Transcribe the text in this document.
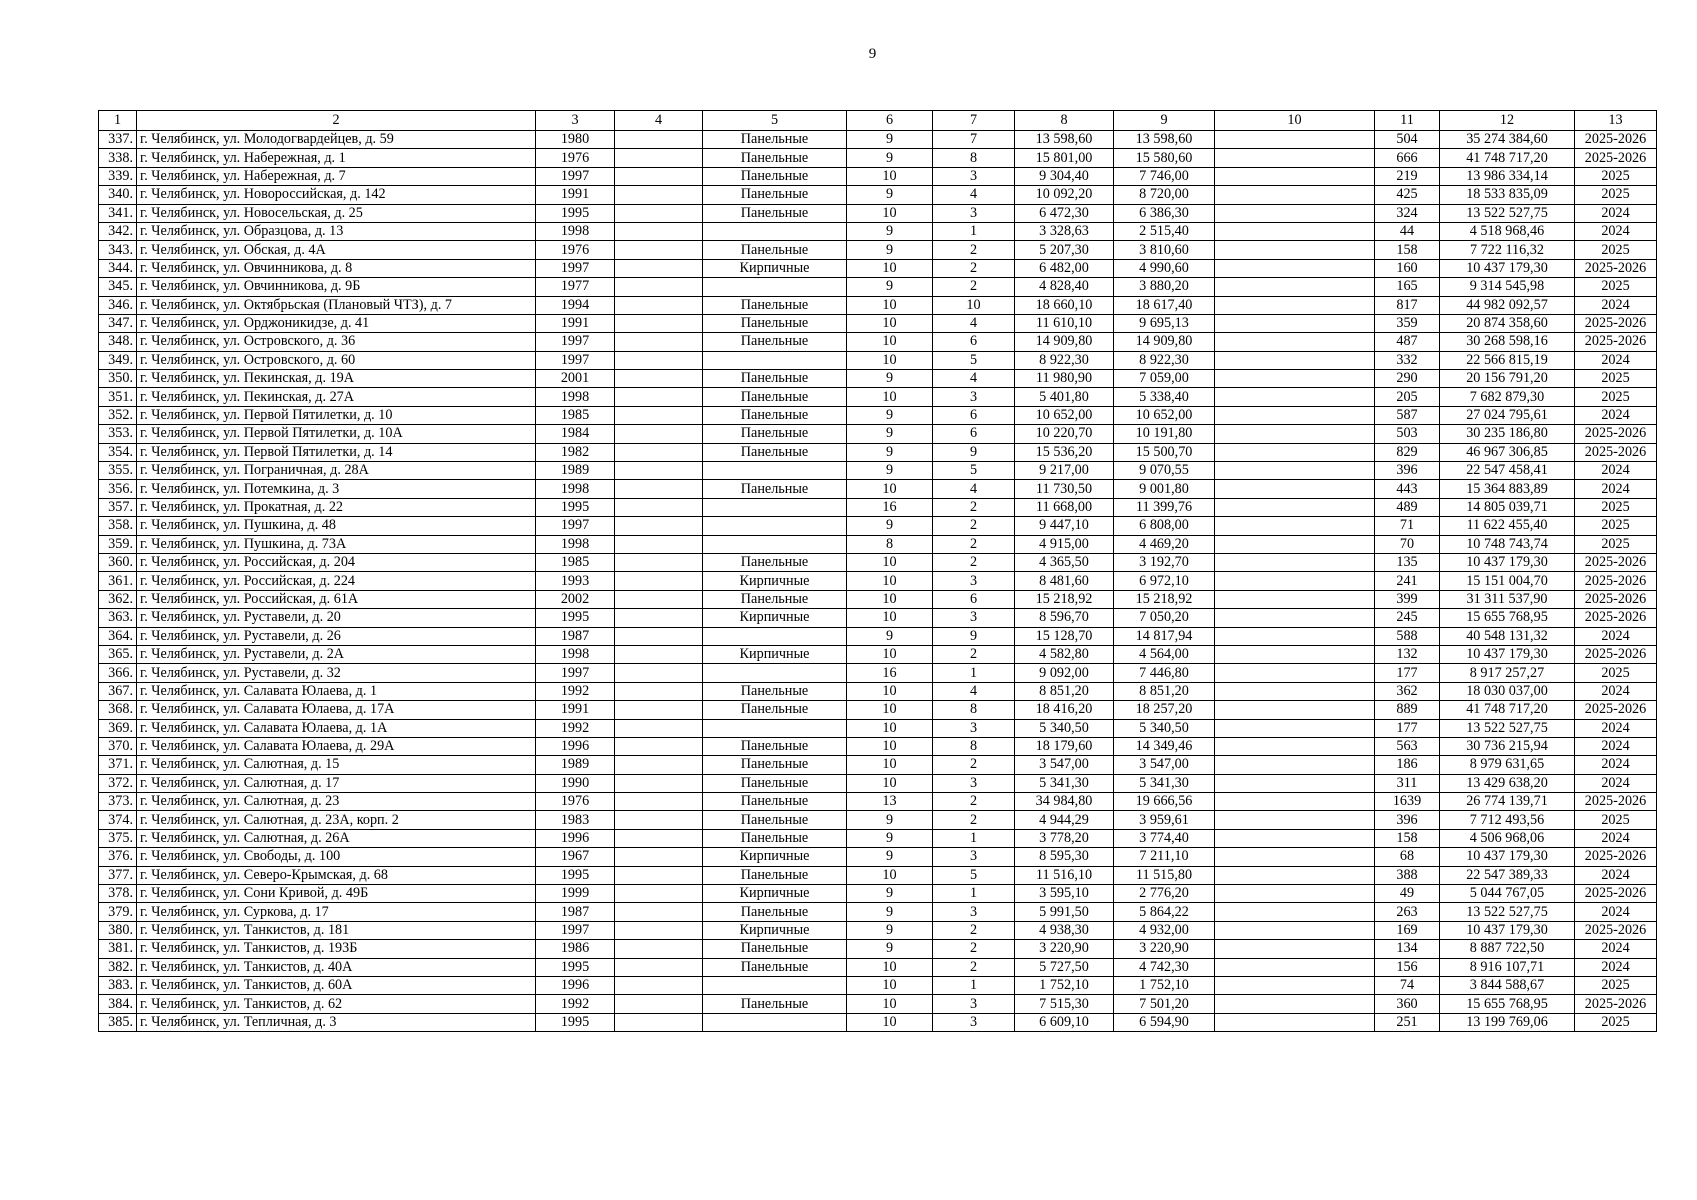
9
1	2	3	4	5	6	7	8	9	10	11	12	13
337.	г. Челябинск, ул. Молодогвардейцев, д. 59	1980		Панельные	9	7	13 598,60	13 598,60		504	35 274 384,60	2025-2026
338.	г. Челябинск, ул. Набережная, д. 1	1976		Панельные	9	8	15 801,00	15 580,60		666	41 748 717,20	2025-2026
339.	г. Челябинск, ул. Набережная, д. 7	1997		Панельные	10	3	9 304,40	7 746,00		219	13 986 334,14	2025
340.	г. Челябинск, ул. Новороссийская, д. 142	1991		Панельные	9	4	10 092,20	8 720,00		425	18 533 835,09	2025
341.	г. Челябинск, ул. Новосельская, д. 25	1995		Панельные	10	3	6 472,30	6 386,30		324	13 522 527,75	2024
342.	г. Челябинск, ул. Образцова, д. 13	1998			9	1	3 328,63	2 515,40		44	4 518 968,46	2024
343.	г. Челябинск, ул. Обская, д. 4А	1976		Панельные	9	2	5 207,30	3 810,60		158	7 722 116,32	2025
344.	г. Челябинск, ул. Овчинникова, д. 8	1997		Кирпичные	10	2	6 482,00	4 990,60		160	10 437 179,30	2025-2026
345.	г. Челябинск, ул. Овчинникова, д. 9Б	1977			9	2	4 828,40	3 880,20		165	9 314 545,98	2025
346.	г. Челябинск, ул. Октябрьская (Плановый ЧТЗ), д. 7	1994		Панельные	10	10	18 660,10	18 617,40		817	44 982 092,57	2024
347.	г. Челябинск, ул. Орджоникидзе, д. 41	1991		Панельные	10	4	11 610,10	9 695,13		359	20 874 358,60	2025-2026
348.	г. Челябинск, ул. Островского, д. 36	1997		Панельные	10	6	14 909,80	14 909,80		487	30 268 598,16	2025-2026
349.	г. Челябинск, ул. Островского, д. 60	1997			10	5	8 922,30	8 922,30		332	22 566 815,19	2024
350.	г. Челябинск, ул. Пекинская, д. 19А	2001		Панельные	9	4	11 980,90	7 059,00		290	20 156 791,20	2025
351.	г. Челябинск, ул. Пекинская, д. 27А	1998		Панельные	10	3	5 401,80	5 338,40		205	7 682 879,30	2025
352.	г. Челябинск, ул. Первой Пятилетки, д. 10	1985		Панельные	9	6	10 652,00	10 652,00		587	27 024 795,61	2024
353.	г. Челябинск, ул. Первой Пятилетки, д. 10А	1984		Панельные	9	6	10 220,70	10 191,80		503	30 235 186,80	2025-2026
354.	г. Челябинск, ул. Первой Пятилетки, д. 14	1982		Панельные	9	9	15 536,20	15 500,70		829	46 967 306,85	2025-2026
355.	г. Челябинск, ул. Пограничная, д. 28А	1989			9	5	9 217,00	9 070,55		396	22 547 458,41	2024
356.	г. Челябинск, ул. Потемкина, д. 3	1998		Панельные	10	4	11 730,50	9 001,80		443	15 364 883,89	2024
357.	г. Челябинск, ул. Прокатная, д. 22	1995			16	2	11 668,00	11 399,76		489	14 805 039,71	2025
358.	г. Челябинск, ул. Пушкина, д. 48	1997			9	2	9 447,10	6 808,00		71	11 622 455,40	2025
359.	г. Челябинск, ул. Пушкина, д. 73А	1998			8	2	4 915,00	4 469,20		70	10 748 743,74	2025
360.	г. Челябинск, ул. Российская, д. 204	1985		Панельные	10	2	4 365,50	3 192,70		135	10 437 179,30	2025-2026
361.	г. Челябинск, ул. Российская, д. 224	1993		Кирпичные	10	3	8 481,60	6 972,10		241	15 151 004,70	2025-2026
362.	г. Челябинск, ул. Российская, д. 61А	2002		Панельные	10	6	15 218,92	15 218,92		399	31 311 537,90	2025-2026
363.	г. Челябинск, ул. Руставели, д. 20	1995		Кирпичные	10	3	8 596,70	7 050,20		245	15 655 768,95	2025-2026
364.	г. Челябинск, ул. Руставели, д. 26	1987			9	9	15 128,70	14 817,94		588	40 548 131,32	2024
365.	г. Челябинск, ул. Руставели, д. 2А	1998		Кирпичные	10	2	4 582,80	4 564,00		132	10 437 179,30	2025-2026
366.	г. Челябинск, ул. Руставели, д. 32	1997			16	1	9 092,00	7 446,80		177	8 917 257,27	2025
367.	г. Челябинск, ул. Салавата Юлаева, д. 1	1992		Панельные	10	4	8 851,20	8 851,20		362	18 030 037,00	2024
368.	г. Челябинск, ул. Салавата Юлаева, д. 17А	1991		Панельные	10	8	18 416,20	18 257,20		889	41 748 717,20	2025-2026
369.	г. Челябинск, ул. Салавата Юлаева, д. 1А	1992			10	3	5 340,50	5 340,50		177	13 522 527,75	2024
370.	г. Челябинск, ул. Салавата Юлаева, д. 29А	1996		Панельные	10	8	18 179,60	14 349,46		563	30 736 215,94	2024
371.	г. Челябинск, ул. Салютная, д. 15	1989		Панельные	10	2	3 547,00	3 547,00		186	8 979 631,65	2024
372.	г. Челябинск, ул. Салютная, д. 17	1990		Панельные	10	3	5 341,30	5 341,30		311	13 429 638,20	2024
373.	г. Челябинск, ул. Салютная, д. 23	1976		Панельные	13	2	34 984,80	19 666,56		1639	26 774 139,71	2025-2026
374.	г. Челябинск, ул. Салютная, д. 23А, корп. 2	1983		Панельные	9	2	4 944,29	3 959,61		396	7 712 493,56	2025
375.	г. Челябинск, ул. Салютная, д. 26А	1996		Панельные	9	1	3 778,20	3 774,40		158	4 506 968,06	2024
376.	г. Челябинск, ул. Свободы, д. 100	1967		Кирпичные	9	3	8 595,30	7 211,10		68	10 437 179,30	2025-2026
377.	г. Челябинск, ул. Северо-Крымская, д. 68	1995		Панельные	10	5	11 516,10	11 515,80		388	22 547 389,33	2024
378.	г. Челябинск, ул. Сони Кривой, д. 49Б	1999		Кирпичные	9	1	3 595,10	2 776,20		49	5 044 767,05	2025-2026
379.	г. Челябинск, ул. Суркова, д. 17	1987		Панельные	9	3	5 991,50	5 864,22		263	13 522 527,75	2024
380.	г. Челябинск, ул. Танкистов, д. 181	1997		Кирпичные	9	2	4 938,30	4 932,00		169	10 437 179,30	2025-2026
381.	г. Челябинск, ул. Танкистов, д. 193Б	1986		Панельные	9	2	3 220,90	3 220,90		134	8 887 722,50	2024
382.	г. Челябинск, ул. Танкистов, д. 40А	1995		Панельные	10	2	5 727,50	4 742,30		156	8 916 107,71	2024
383.	г. Челябинск, ул. Танкистов, д. 60А	1996			10	1	1 752,10	1 752,10		74	3 844 588,67	2025
384.	г. Челябинск, ул. Танкистов, д. 62	1992		Панельные	10	3	7 515,30	7 501,20		360	15 655 768,95	2025-2026
385.	г. Челябинск, ул. Тепличная, д. 3	1995			10	3	6 609,10	6 594,90		251	13 199 769,06	2025
